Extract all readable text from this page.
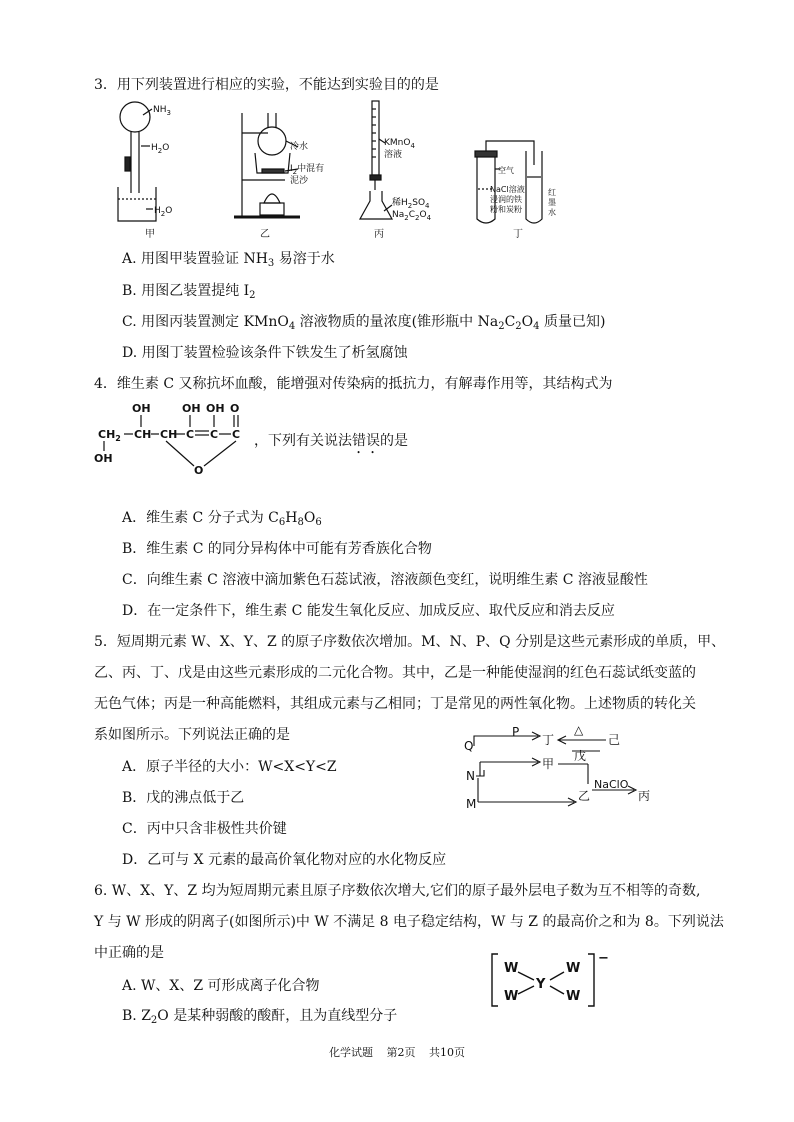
3．用下列装置进行相应的实验，不能达到实验目的的是
$NH_3$
$H_2O$
$H_2O$
冷水
$I_2$中混有
泥沙
KMnO$_4$
溶液
稀$H_2SO_4$
$Na_2C_2O_4$
空气
NaCl溶液
浸润的铁
粉和炭粉
红
墨
水
甲	乙	丙	丁
A. 用图甲装置验证 $NH_3$ 易溶于水
B. 用图乙装置提纯 $I_2$
C. 用图丙装置测定 KMnO$_4$ 溶液物质的量浓度(锥形瓶中 $Na_2C_2O_4$ 质量已知)
D. 用图丁装置检验该条件下铁发生了析氢腐蚀
4．维生素 C 又称抗坏血酸，能增强对传染病的抵抗力，有解毒作用等，其结构式为
OH	OH OH O
$CH_2$ CH CH C C C
OH
O
，下列有关说法错误的是
A．维生素 C 分子式为 $C_6H_8O_6$
B．维生素 C 的同分异构体中可能有芳香族化合物
C．向维生素 C 溶液中滴加紫色石蕊试液，溶液颜色变红，说明维生素 C 溶液显酸性
D．在一定条件下，维生素 C 能发生氧化反应、加成反应、取代反应和消去反应
5．短周期元素 W、X、Y、Z 的原子序数依次增加。M、N、P、Q 分别是这些元素形成的单质，甲、
乙、丙、丁、戊是由这些元素形成的二元化合物。其中，乙是一种能使湿润的红色石蕊试纸变蓝的
无色气体；丙是一种高能燃料，其组成元素与乙相同；丁是常见的两性氧化物。上述物质的转化关
系如图所示。下列说法正确的是	P
丁
△
己
Q
戊
甲
N
乙
NaClO
丙
M
A．原子半径的大小：W<X<Y<Z
B．戊的沸点低于乙
C．丙中只含非极性共价键
D．乙可与 X 元素的最高价氧化物对应的水化物反应
6. W、X、Y、Z 均为短周期元素且原子序数依次增大,它们的原子最外层电子数为互不相等的奇数,
Y 与 W 形成的阴离子(如图所示)中 W 不满足 8 电子稳定结构，W 与 Z 的最高价之和为 8。下列说法
中正确的是
W
W
Y
W
W
−
A. W、X、Z 可形成离子化合物
B. $Z_2O$ 是某种弱酸的酸酐，且为直线型分子
化学试题 第2页 共10页
